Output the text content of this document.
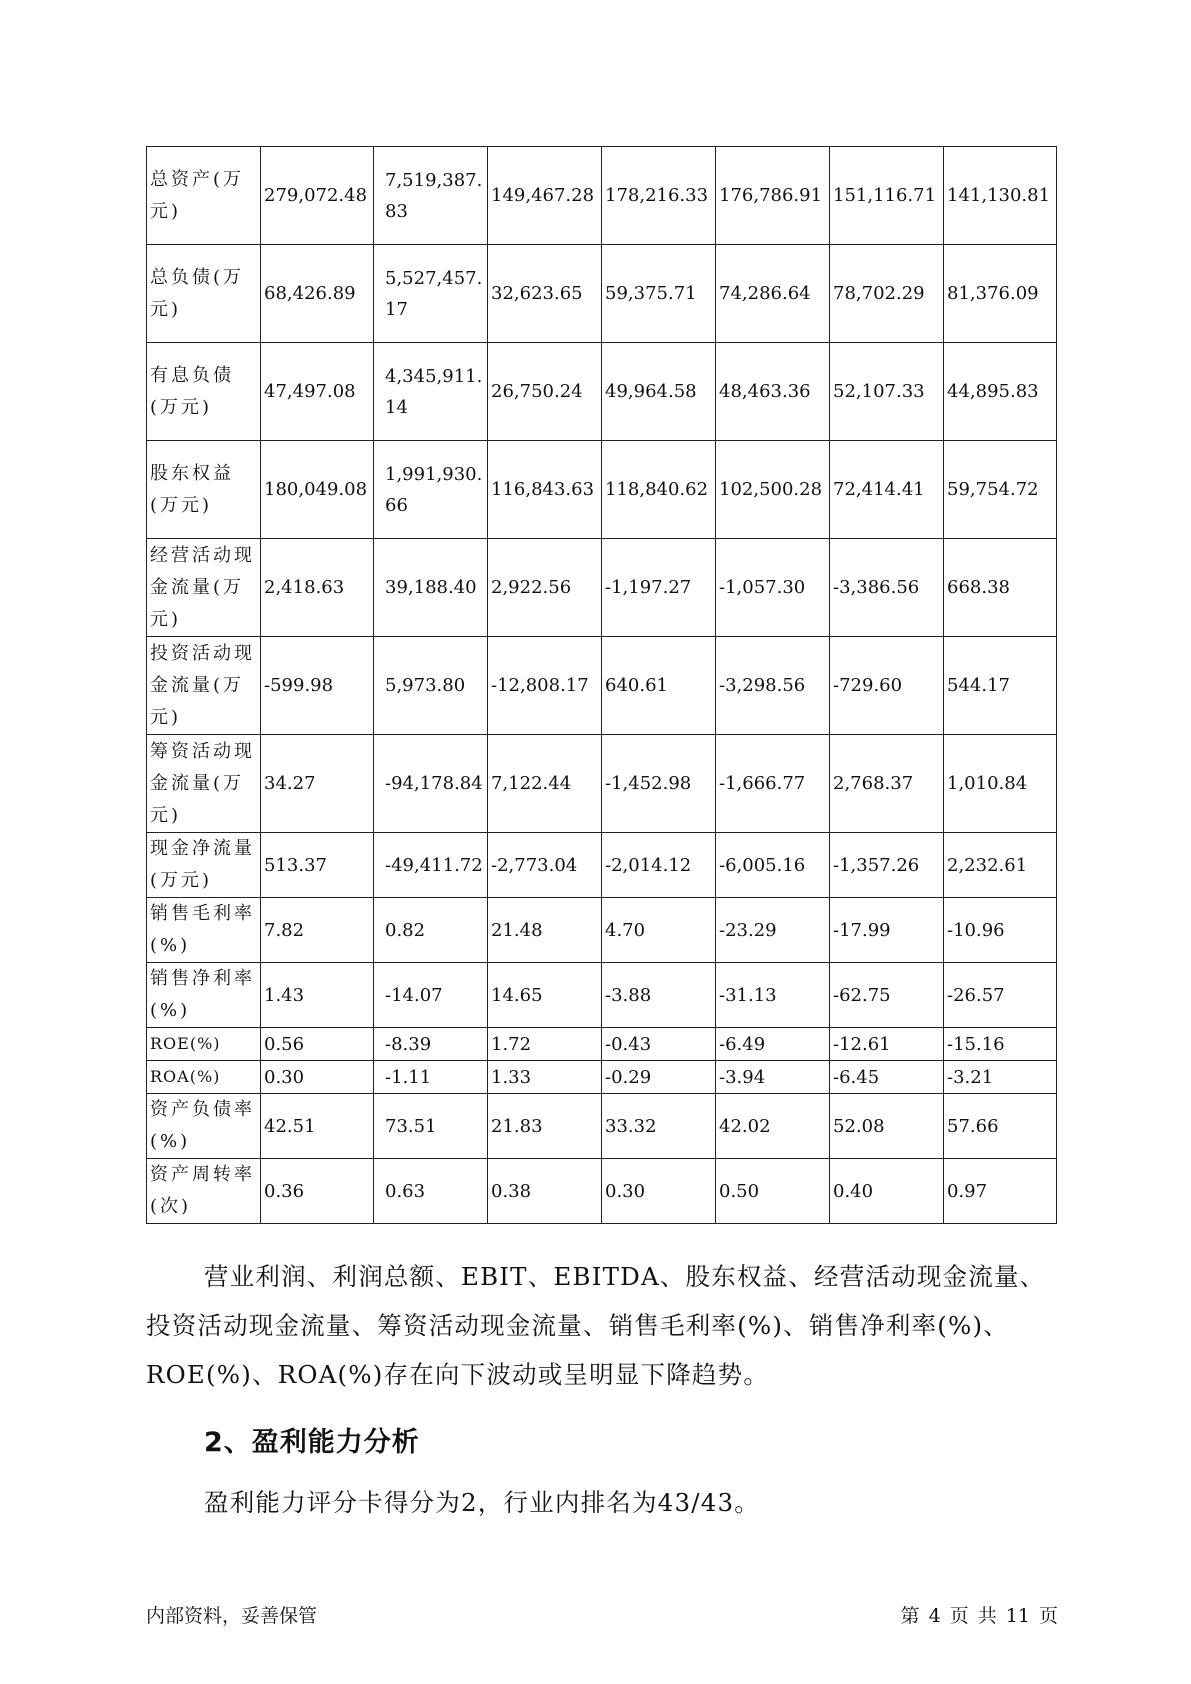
总资产(万元)	279,072.48	7,519,387.83	149,467.28	178,216.33	176,786.91	151,116.71	141,130.81
总负债(万元)	68,426.89	5,527,457.17	32,623.65	59,375.71	74,286.64	78,702.29	81,376.09
有息负债(万元)	47,497.08	4,345,911.14	26,750.24	49,964.58	48,463.36	52,107.33	44,895.83
股东权益(万元)	180,049.08	1,991,930.66	116,843.63	118,840.62	102,500.28	72,414.41	59,754.72
经营活动现金流量(万元)	2,418.63	39,188.40	2,922.56	-1,197.27	-1,057.30	-3,386.56	668.38
投资活动现金流量(万元)	-599.98	5,973.80	-12,808.17	640.61	-3,298.56	-729.60	544.17
筹资活动现金流量(万元)	34.27	-94,178.84	7,122.44	-1,452.98	-1,666.77	2,768.37	1,010.84
现金净流量(万元)	513.37	-49,411.72	-2,773.04	-2,014.12	-6,005.16	-1,357.26	2,232.61
销售毛利率(%)	7.82	0.82	21.48	4.70	-23.29	-17.99	-10.96
销售净利率(%)	1.43	-14.07	14.65	-3.88	-31.13	-62.75	-26.57
ROE(%)	0.56	-8.39	1.72	-0.43	-6.49	-12.61	-15.16
ROA(%)	0.30	-1.11	1.33	-0.29	-3.94	-6.45	-3.21
资产负债率(%)	42.51	73.51	21.83	33.32	42.02	52.08	57.66
资产周转率(次)	0.36	0.63	0.38	0.30	0.50	0.40	0.97

营业利润、利润总额、EBIT、EBITDA、股东权益、经营活动现金流量、投资活动现金流量、筹资活动现金流量、销售毛利率(%)、销售净利率(%)、ROE(%)、ROA(%)存在向下波动或呈明显下降趋势。

2、盈利能力分析

盈利能力评分卡得分为2，行业内排名为43/43。

内部资料，妥善保管	第 4 页 共 11 页
